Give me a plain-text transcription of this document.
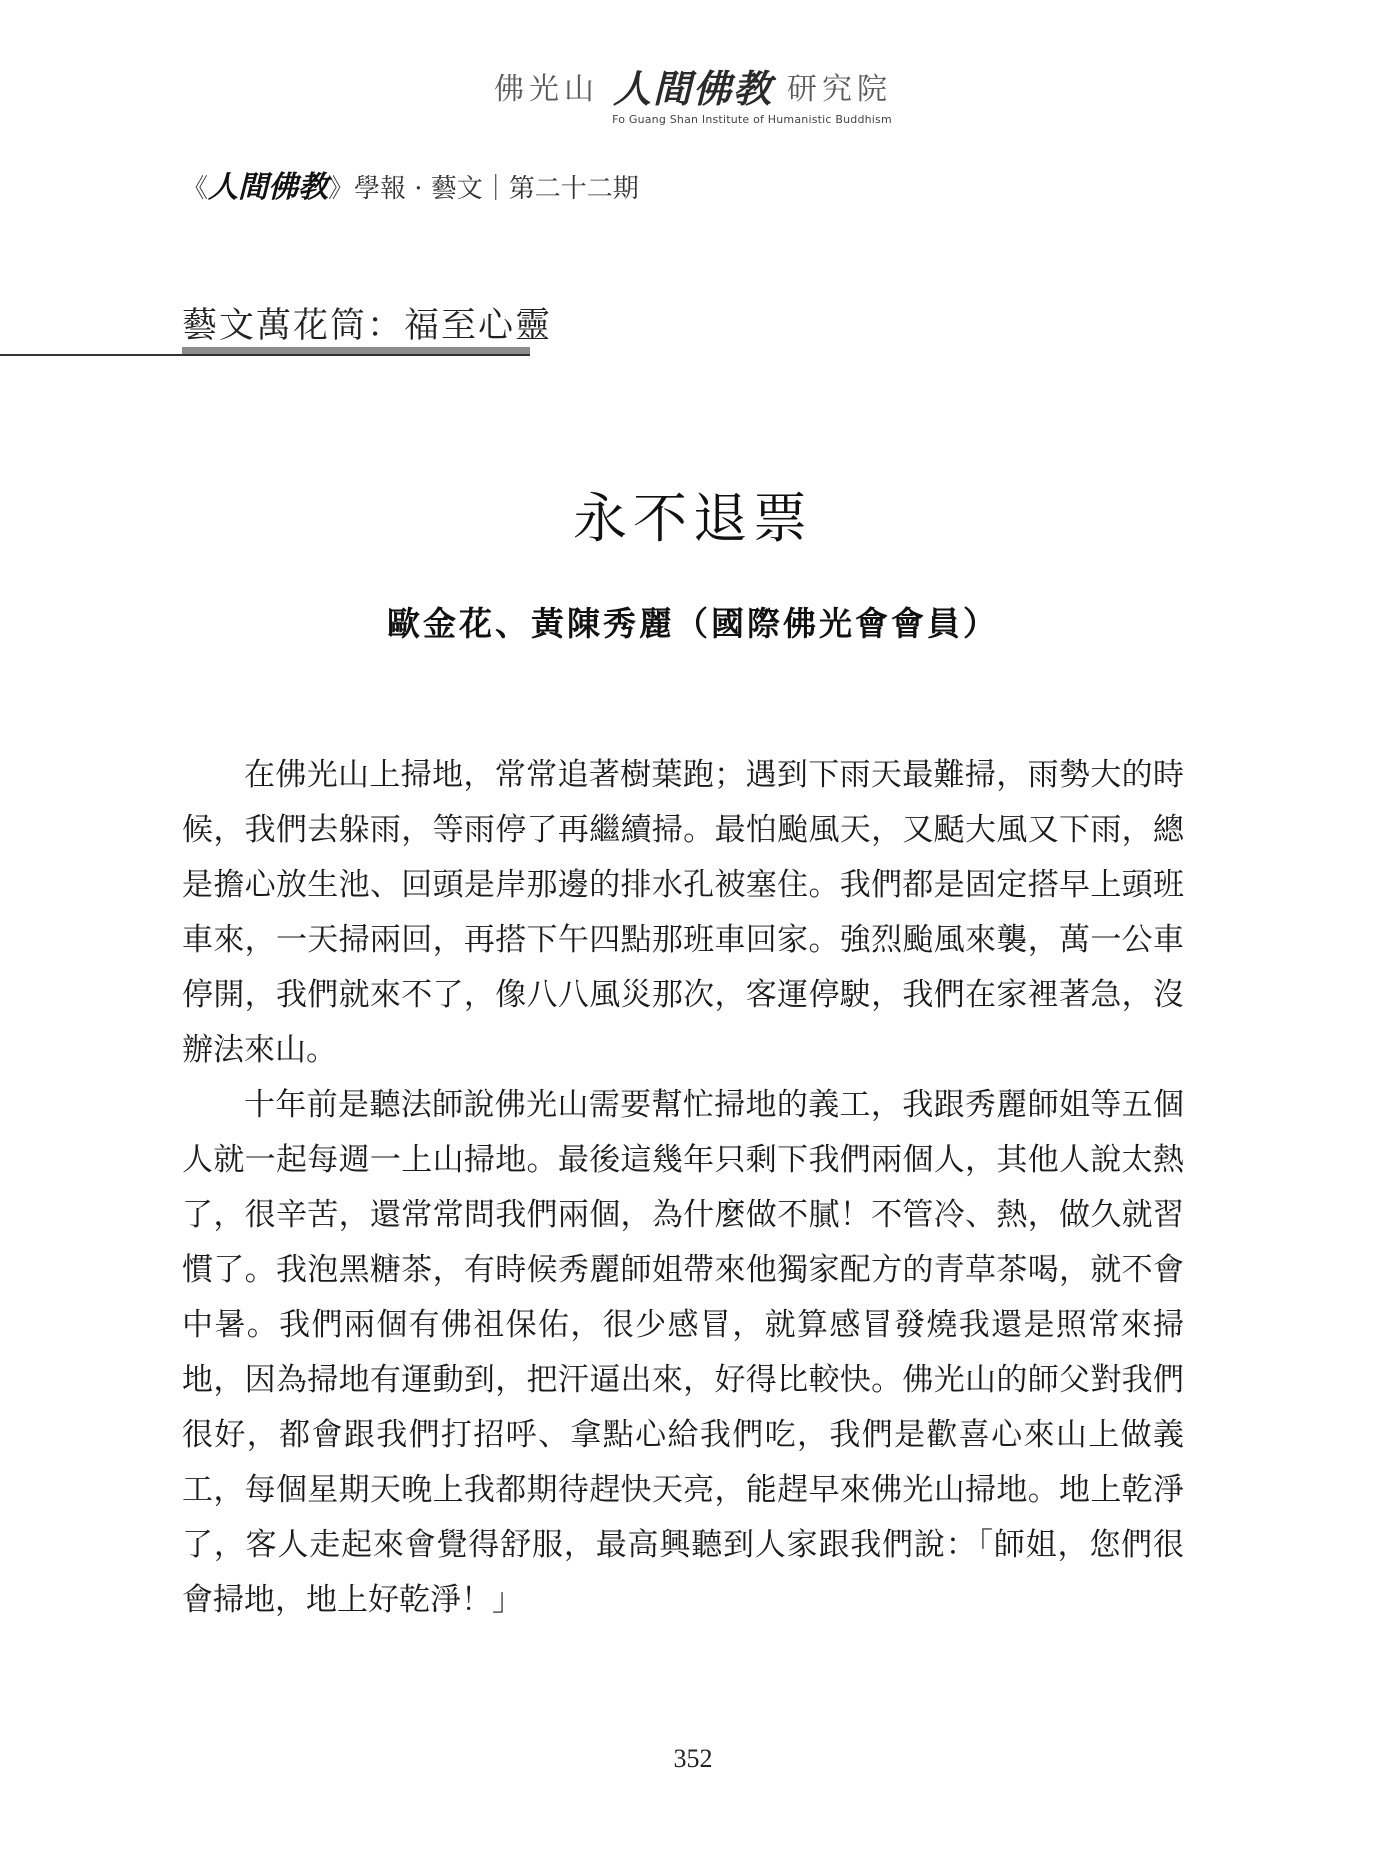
佛光山 人間佛教 研究院
Fo Guang Shan Institute of Humanistic Buddhism
《 人間佛教 》學報 · 藝文｜第二十二期
藝文萬花筒：福至心靈
永不退票
歐金花、黃陳秀麗（國際佛光會會員）

在佛光山上掃地，常常追著樹葉跑；遇到下雨天最難掃，雨勢大的時候，我們去躲雨，等雨停了再繼續掃。最怕颱風天，又颳大風又下雨，總是擔心放生池、回頭是岸那邊的排水孔被塞住。我們都是固定搭早上頭班車來，一天掃兩回，再搭下午四點那班車回家。強烈颱風來襲，萬一公車停開，我們就來不了，像八八風災那次，客運停駛，我們在家裡著急，沒辦法來山。

十年前是聽法師說佛光山需要幫忙掃地的義工，我跟秀麗師姐等五個人就一起每週一上山掃地。最後這幾年只剩下我們兩個人，其他人說太熱了，很辛苦，還常常問我們兩個，為什麼做不膩！不管冷、熱，做久就習慣了。我泡黑糖茶，有時候秀麗師姐帶來他獨家配方的青草茶喝，就不會中暑。我們兩個有佛祖保佑，很少感冒，就算感冒發燒我還是照常來掃地，因為掃地有運動到，把汗逼出來，好得比較快。佛光山的師父對我們很好，都會跟我們打招呼、拿點心給我們吃，我們是歡喜心來山上做義工，每個星期天晚上我都期待趕快天亮，能趕早來佛光山掃地。地上乾淨了，客人走起來會覺得舒服，最高興聽到人家跟我們說：「師姐，您們很會掃地，地上好乾淨！」

352
